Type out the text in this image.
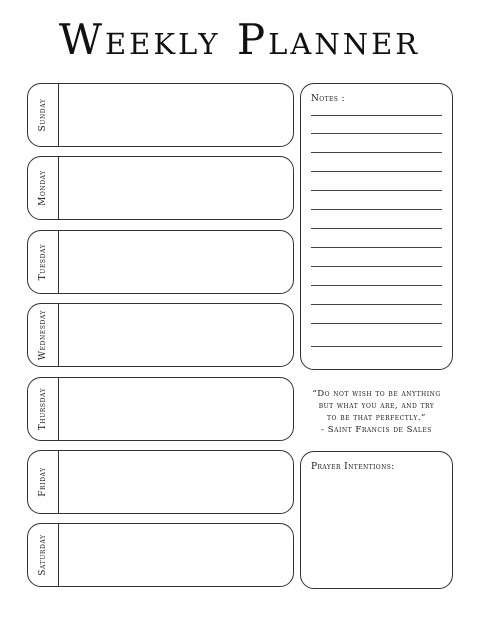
Weekly Planner
Sunday
Monday
Tuesday
Wednesday
Thursday
Friday
Saturday
Notes :
“Do not wish to be anything
but what you are, and try
to be that perfectly.”
- Saint Francis de Sales
Prayer Intentions:
